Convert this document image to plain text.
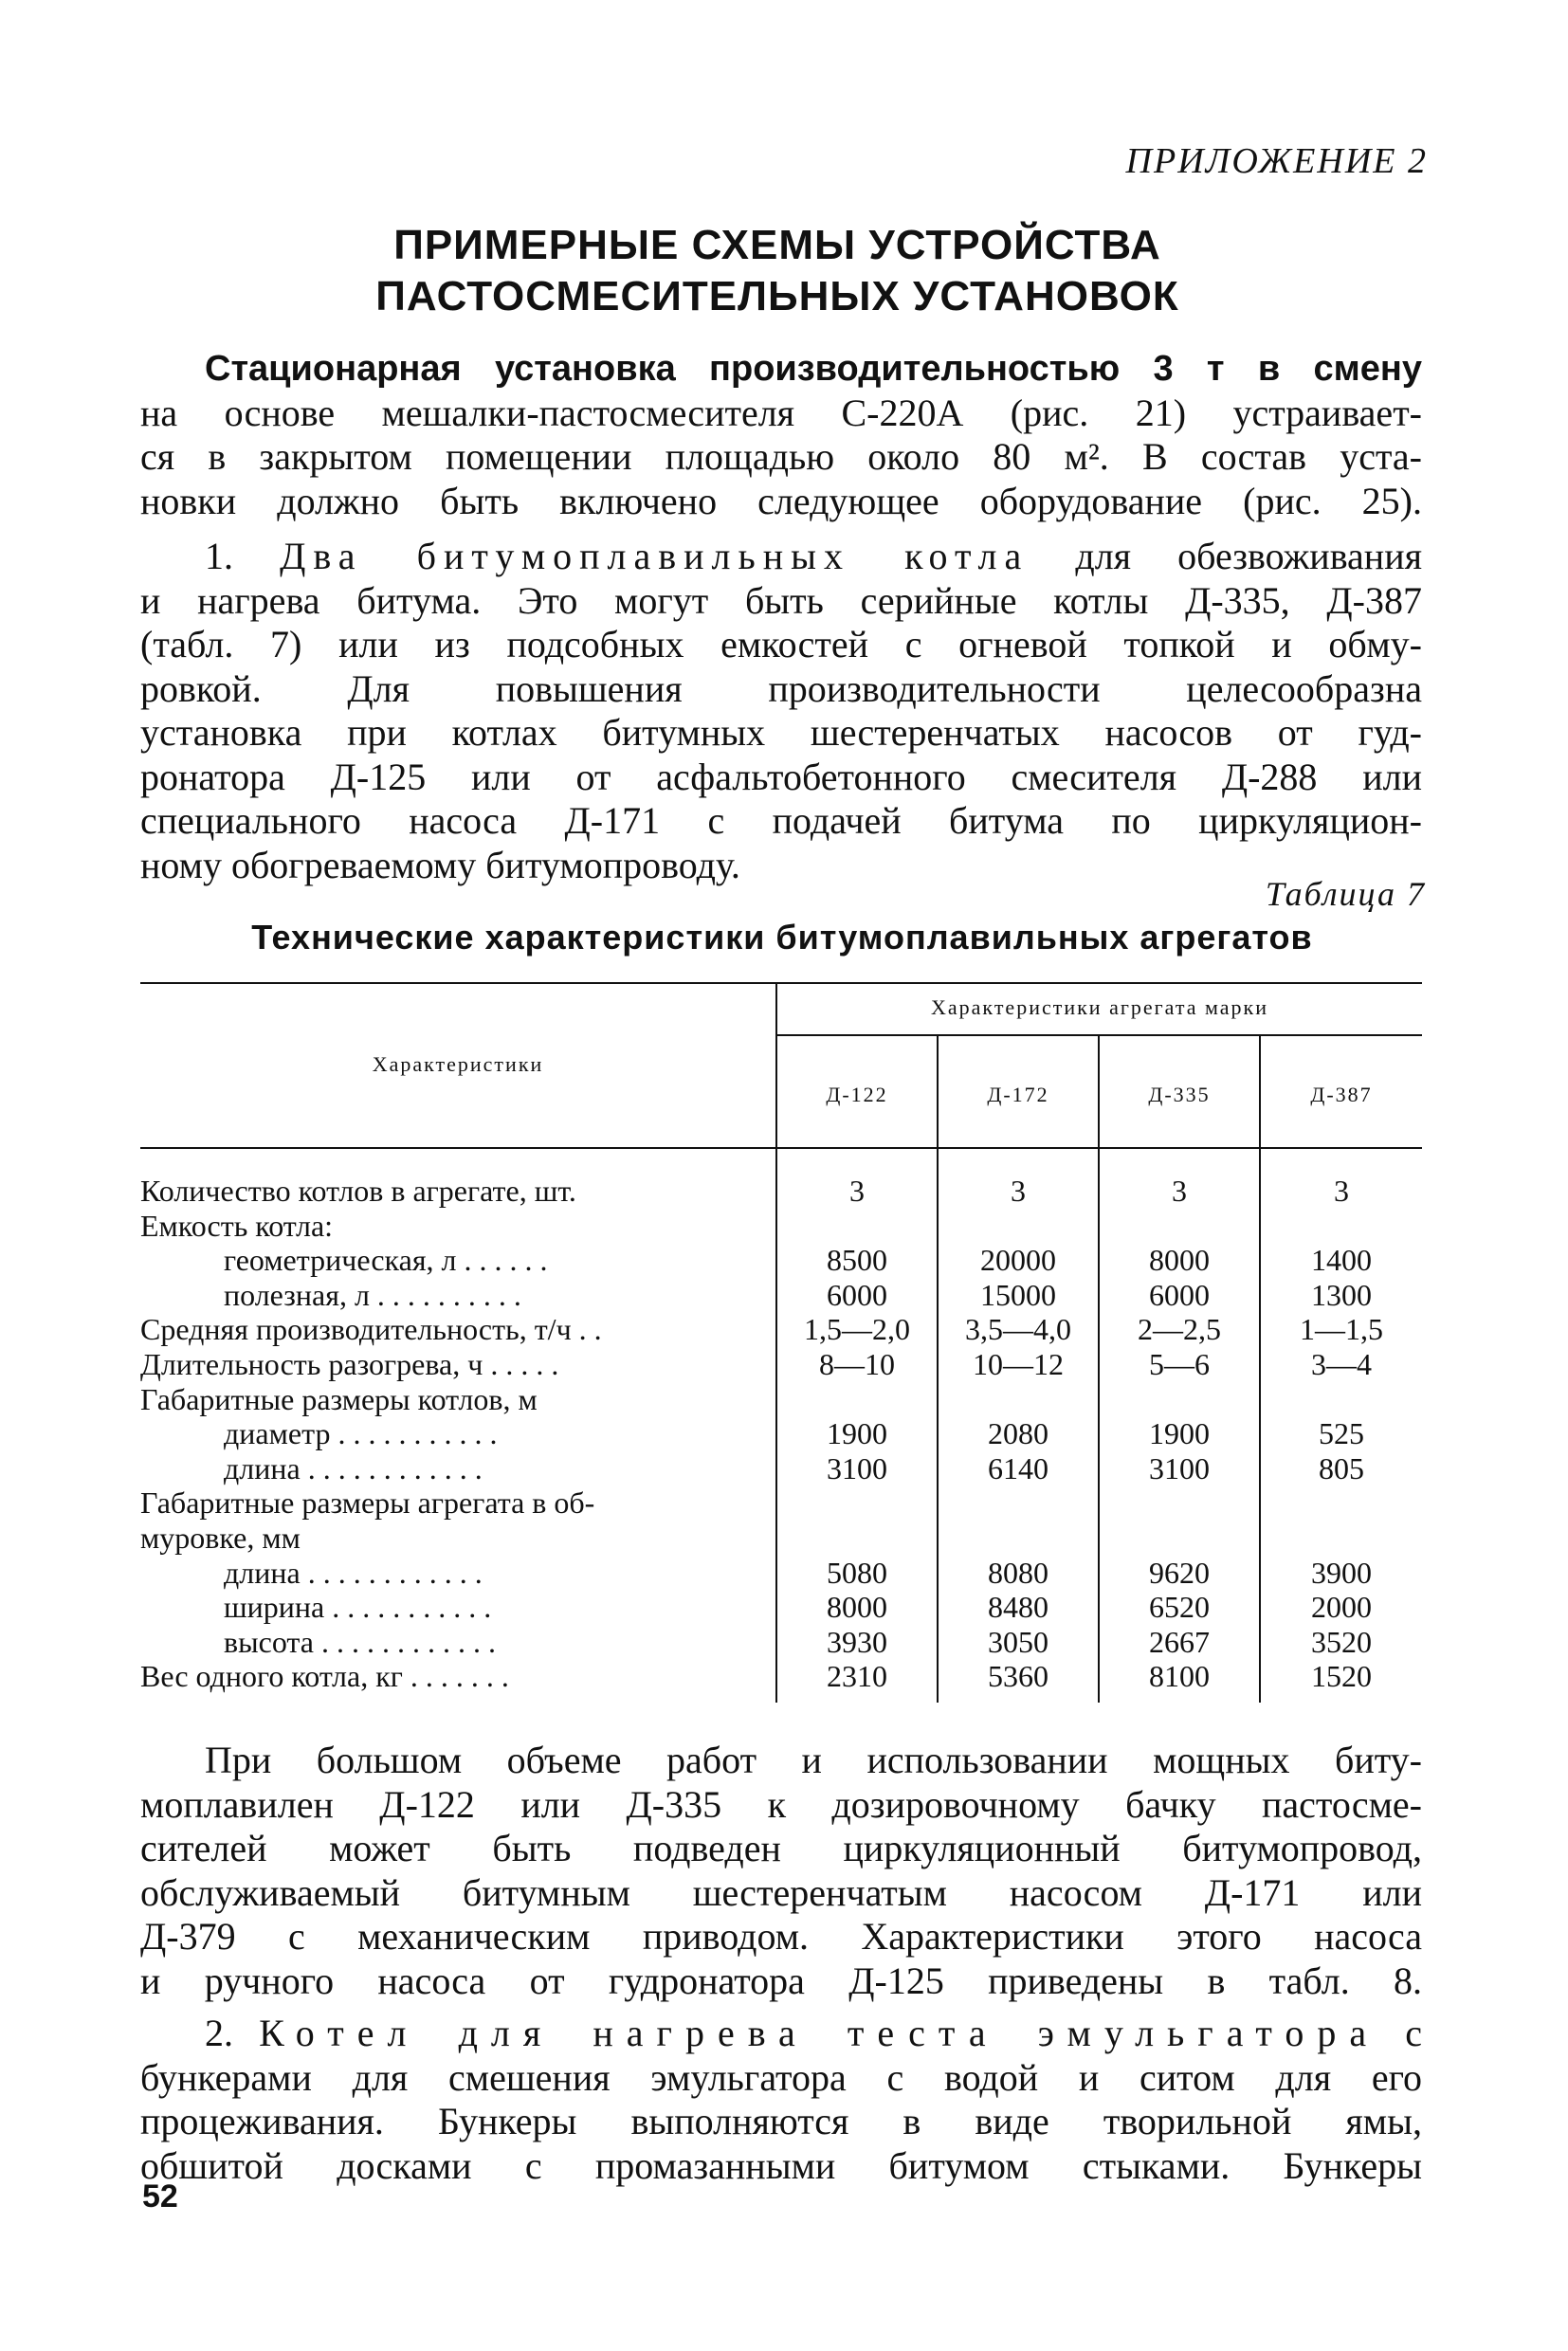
ПРИЛОЖЕНИЕ 2
ПРИМЕРНЫЕ СХЕМЫ УСТРОЙСТВА
ПАСТОСМЕСИТЕЛЬНЫХ УСТАНОВОК
Стационарная установка производительностью 3 т в смену
на основе мешалки-пастосмесителя С-220А (рис. 21) устраивает-
ся в закрытом помещении площадью около 80 м². В состав уста-
новки должно быть включено следующее оборудование (рис. 25).
1. Два битумоплавильных котла для обезвоживания
и нагрева битума. Это могут быть серийные котлы Д-335, Д-387
(табл. 7) или из подсобных емкостей с огневой топкой и обму-
ровкой. Для повышения производительности целесообразна
установка при котлах битумных шестеренчатых насосов от гуд-
ронатора Д-125 или от асфальтобетонного смесителя Д-288 или
специального насоса Д-171 с подачей битума по циркуляцион-
ному обогреваемому битумопроводу.
Таблица 7
Технические характеристики битумоплавильных агрегатов
Характеристики
Характеристики агрегата марки
Д-122	Д-172	Д-335	Д-387
Количество котлов в агрегате, шт.	3	3	3	3
Емкость котла:
геометрическая, л . . . . . .	8500	20000	8000	1400
полезная, л . . . . . . . . . .	6000	15000	6000	1300
Средняя производительность, т/ч . .	1,5—2,0	3,5—4,0	2—2,5	1—1,5
Длительность разогрева, ч . . . . .	8—10	10—12	5—6	3—4
Габаритные размеры котлов, м
диаметр . . . . . . . . . . .	1900	2080	1900	525
длина . . . . . . . . . . . .	3100	6140	3100	805
Габаритные размеры агрегата в об-
муровке, мм
длина . . . . . . . . . . . .	5080	8080	9620	3900
ширина . . . . . . . . . . .	8000	8480	6520	2000
высота . . . . . . . . . . . .	3930	3050	2667	3520
Вес одного котла, кг . . . . . . .	2310	5360	8100	1520
При большом объеме работ и использовании мощных биту-
моплавилен Д-122 или Д-335 к дозировочному бачку пастосме-
сителей может быть подведен циркуляционный битумопровод,
обслуживаемый битумным шестеренчатым насосом Д-171 или
Д-379 с механическим приводом. Характеристики этого насоса
и ручного насоса от гудронатора Д-125 приведены в табл. 8.
2. Котел для нагрева теста эмульгатора с
бункерами для смешения эмульгатора с водой и ситом для его
процеживания. Бункеры выполняются в виде творильной ямы,
обшитой досками с промазанными битумом стыками. Бункеры
52
